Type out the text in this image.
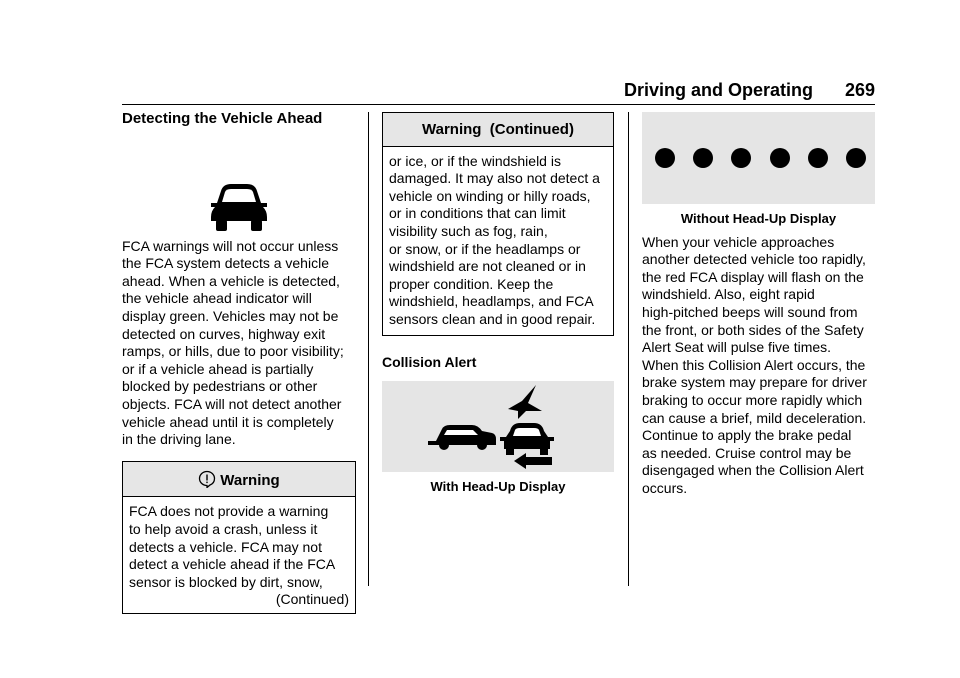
Driving and Operating 269
Detecting the Vehicle Ahead

FCA warnings will not occur unless

the FCA system detects a vehicle

ahead. When a vehicle is detected,

the vehicle ahead indicator will

display green. Vehicles may not be

detected on curves, highway exit

ramps, or hills, due to poor visibility;

or if a vehicle ahead is partially

blocked by pedestrians or other

objects. FCA will not detect another

vehicle ahead until it is completely

in the driving lane.

Warning

FCA does not provide a warning

to help avoid a crash, unless it

detects a vehicle. FCA may not

detect a vehicle ahead if the FCA

sensor is blocked by dirt, snow,

(Continued)

Warning  (Continued)

or ice, or if the windshield is

damaged. It may also not detect a

vehicle on winding or hilly roads,

or in conditions that can limit

visibility such as fog, rain,

or snow, or if the headlamps or

windshield are not cleaned or in

proper condition. Keep the

windshield, headlamps, and FCA

sensors clean and in good repair.

Collision Alert
With Head-Up Display
Without Head-Up Display

When your vehicle approaches

another detected vehicle too rapidly,

the red FCA display will flash on the

windshield. Also, eight rapid

high-pitched beeps will sound from

the front, or both sides of the Safety

Alert Seat will pulse five times.

When this Collision Alert occurs, the

brake system may prepare for driver

braking to occur more rapidly which

can cause a brief, mild deceleration.

Continue to apply the brake pedal

as needed. Cruise control may be

disengaged when the Collision Alert

occurs.
